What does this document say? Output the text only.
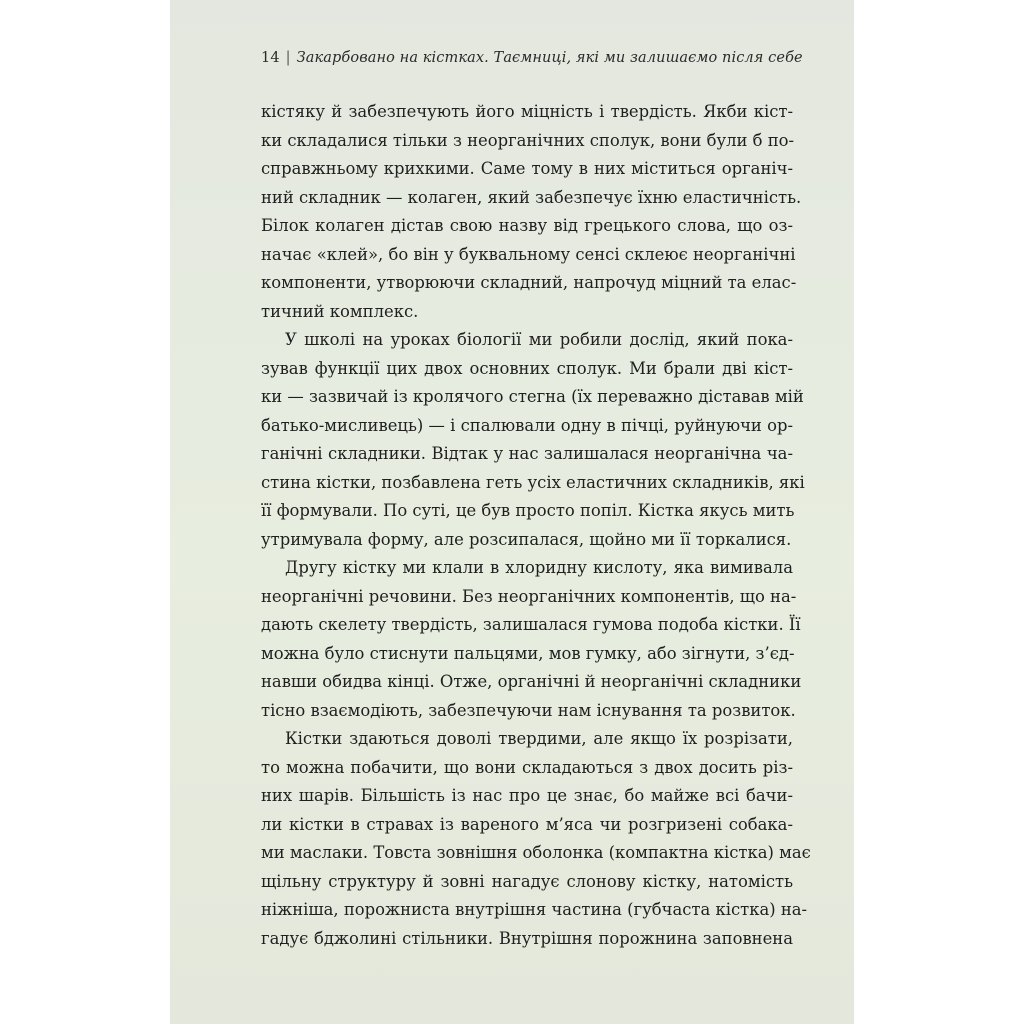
14 | Закарбовано на кістках. Таємниці, які ми залишаємо після себе
кістяку й забезпечують його міцність і твердість. Якби кіст-
ки складалися тільки з неорганічних сполук, вони були б по-
справжньому крихкими. Саме тому в них міститься органіч-
ний складник — колаген, який забезпечує їхню еластичність.
Білок колаген дістав свою назву від грецького слова, що оз-
начає «клей», бо він у буквальному сенсі склеює неорганічні
компоненти, утворюючи складний, напрочуд міцний та елас-
тичний комплекс.
У школі на уроках біології ми робили дослід, який пока-
зував функції цих двох основних сполук. Ми брали дві кіст-
ки — зазвичай із кролячого стегна (їх переважно діставав мій
батько-мисливець) — і спалювали одну в пічці, руйнуючи ор-
ганічні складники. Відтак у нас залишалася неорганічна ча-
стина кістки, позбавлена геть усіх еластичних складників, які
її формували. По суті, це був просто попіл. Кістка якусь мить
утримувала форму, але розсипалася, щойно ми її торкалися.
Другу кістку ми клали в хлоридну кислоту, яка вимивала
неорганічні речовини. Без неорганічних компонентів, що на-
дають скелету твердість, залишалася гумова подоба кістки. Її
можна було стиснути пальцями, мов гумку, або зігнути, з’єд-
навши обидва кінці. Отже, органічні й неорганічні складники
тісно взаємодіють, забезпечуючи нам існування та розвиток.
Кістки здаються доволі твердими, але якщо їх розрізати,
то можна побачити, що вони складаються з двох досить різ-
них шарів. Більшість із нас про це знає, бо майже всі бачи-
ли кістки в стравах із вареного м’яса чи розгризені собака-
ми маслаки. Товста зовнішня оболонка (компактна кістка) має
щільну структуру й зовні нагадує слонову кістку, натомість
ніжніша, порожниста внутрішня частина (губчаста кістка) на-
гадує бджолині стільники. Внутрішня порожнина заповнена
